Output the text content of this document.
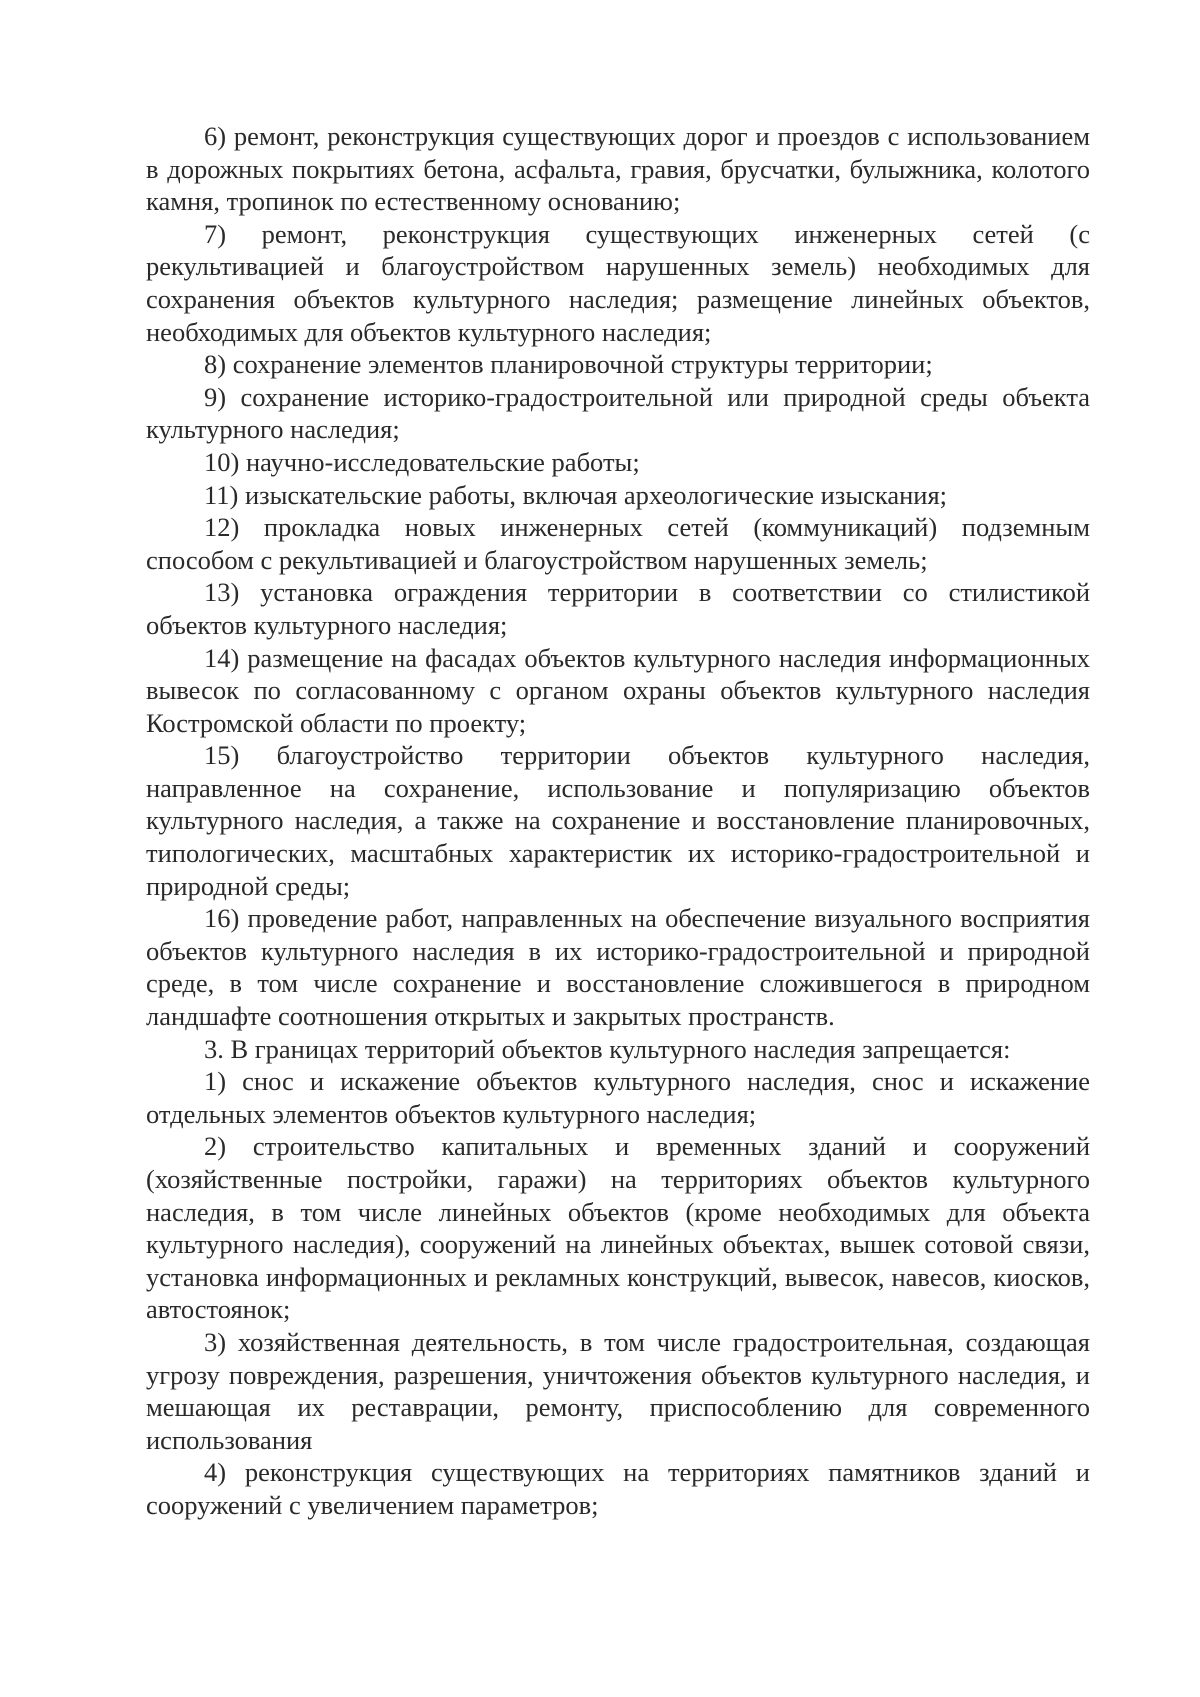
6) ремонт, реконструкция существующих дорог и проездов с использованием в дорожных покрытиях бетона, асфальта, гравия, брусчатки, булыжника, колотого камня, тропинок по естественному основанию;

7) ремонт, реконструкция существующих инженерных сетей (с рекультивацией и благоустройством нарушенных земель) необходимых для сохранения объектов культурного наследия; размещение линейных объектов, необходимых для объектов культурного наследия;

8) сохранение элементов планировочной структуры территории;

9) сохранение историко-градостроительной или природной среды объекта культурного наследия;

10) научно-исследовательские работы;

11) изыскательские работы, включая археологические изыскания;

12) прокладка новых инженерных сетей (коммуникаций) подземным способом с рекультивацией и благоустройством нарушенных земель;

13) установка ограждения территории в соответствии со стилистикой объектов культурного наследия;

14) размещение на фасадах объектов культурного наследия информационных вывесок по согласованному с органом охраны объектов культурного наследия Костромской области по проекту;

15) благоустройство территории объектов культурного наследия, направленное на сохранение, использование и популяризацию объектов культурного наследия, а также на сохранение и восстановление планировочных, типологических, масштабных характеристик их историко-градостроительной и природной среды;

16) проведение работ, направленных на обеспечение визуального восприятия объектов культурного наследия в их историко-градостроительной и природной среде, в том числе сохранение и восстановление сложившегося в природном ландшафте соотношения открытых и закрытых пространств.

3. В границах территорий объектов культурного наследия запрещается:

1) снос и искажение объектов культурного наследия, снос и искажение отдельных элементов объектов культурного наследия;

2) строительство капитальных и временных зданий и сооружений (хозяйственные постройки, гаражи) на территориях объектов культурного наследия, в том числе линейных объектов (кроме необходимых для объекта культурного наследия), сооружений на линейных объектах, вышек сотовой связи, установка информационных и рекламных конструкций, вывесок, навесов, киосков, автостоянок;

3) хозяйственная деятельность, в том числе градостроительная, создающая угрозу повреждения, разрешения, уничтожения объектов культурного наследия, и мешающая их реставрации, ремонту, приспособлению для современного использования

4) реконструкция существующих на территориях памятников зданий и сооружений с увеличением параметров;
